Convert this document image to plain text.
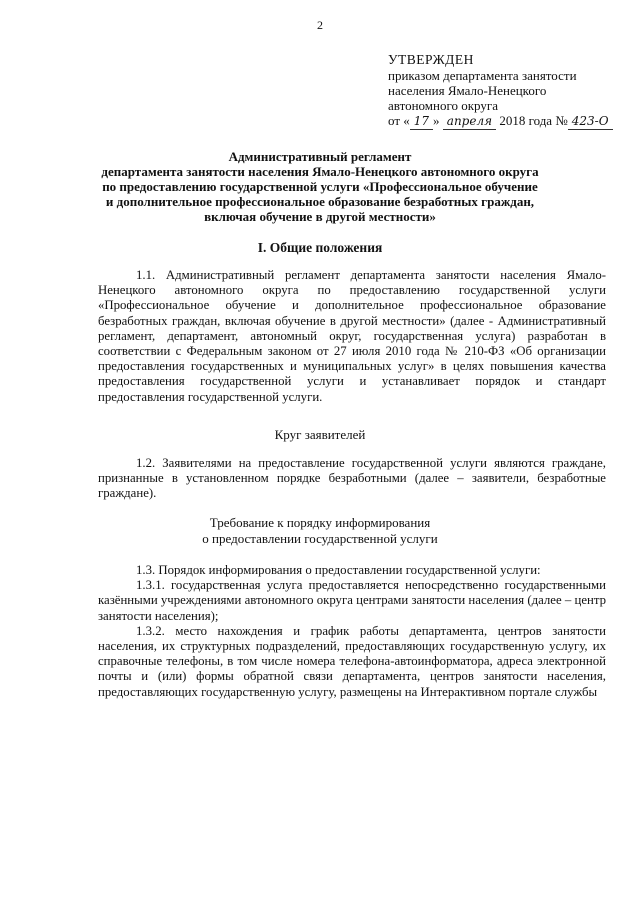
2
УТВЕРЖДЕН
приказом департамента занятости
населения Ямало-Ненецкого
автономного округа
от « 17 » апреля 2018 года № 423-О
Административный регламент
департамента занятости населения Ямало-Ненецкого автономного округа
по предоставлению государственной услуги «Профессиональное обучение
и дополнительное профессиональное образование безработных граждан,
включая обучение в другой местности»
I. Общие положения

1.1. Административный регламент департамента занятости населения Ямало-Ненецкого автономного округа по предоставлению государственной услуги «Профессиональное обучение и дополнительное профессиональное образование безработных граждан, включая обучение в другой местности» (далее - Административный регламент, департамент, автономный округ, государственная услуга) разработан в соответствии с Федеральным законом от 27 июля 2010 года № 210-ФЗ «Об организации предоставления государственных и муниципальных услуг» в целях повышения качества предоставления государственной услуги и устанавливает порядок и стандарт предоставления государственной услуги.

Круг заявителей

1.2. Заявителями на предоставление государственной услуги являются граждане, признанные в установленном порядке безработными (далее – заявители, безработные граждане).

Требование к порядку информирования
о предоставлении государственной услуги

1.3. Порядок информирования о предоставлении государственной услуги:

1.3.1. государственная услуга предоставляется непосредственно государственными казёнными учреждениями автономного округа центрами занятости населения (далее – центр занятости населения);

1.3.2. место нахождения и график работы департамента, центров занятости населения, их структурных подразделений, предоставляющих государственную услугу, их справочные телефоны, в том числе номера телефона-автоинформатора, адреса электронной почты и (или) формы обратной связи департамента, центров занятости населения, предоставляющих государственную услугу, размещены на Интерактивном портале службы
